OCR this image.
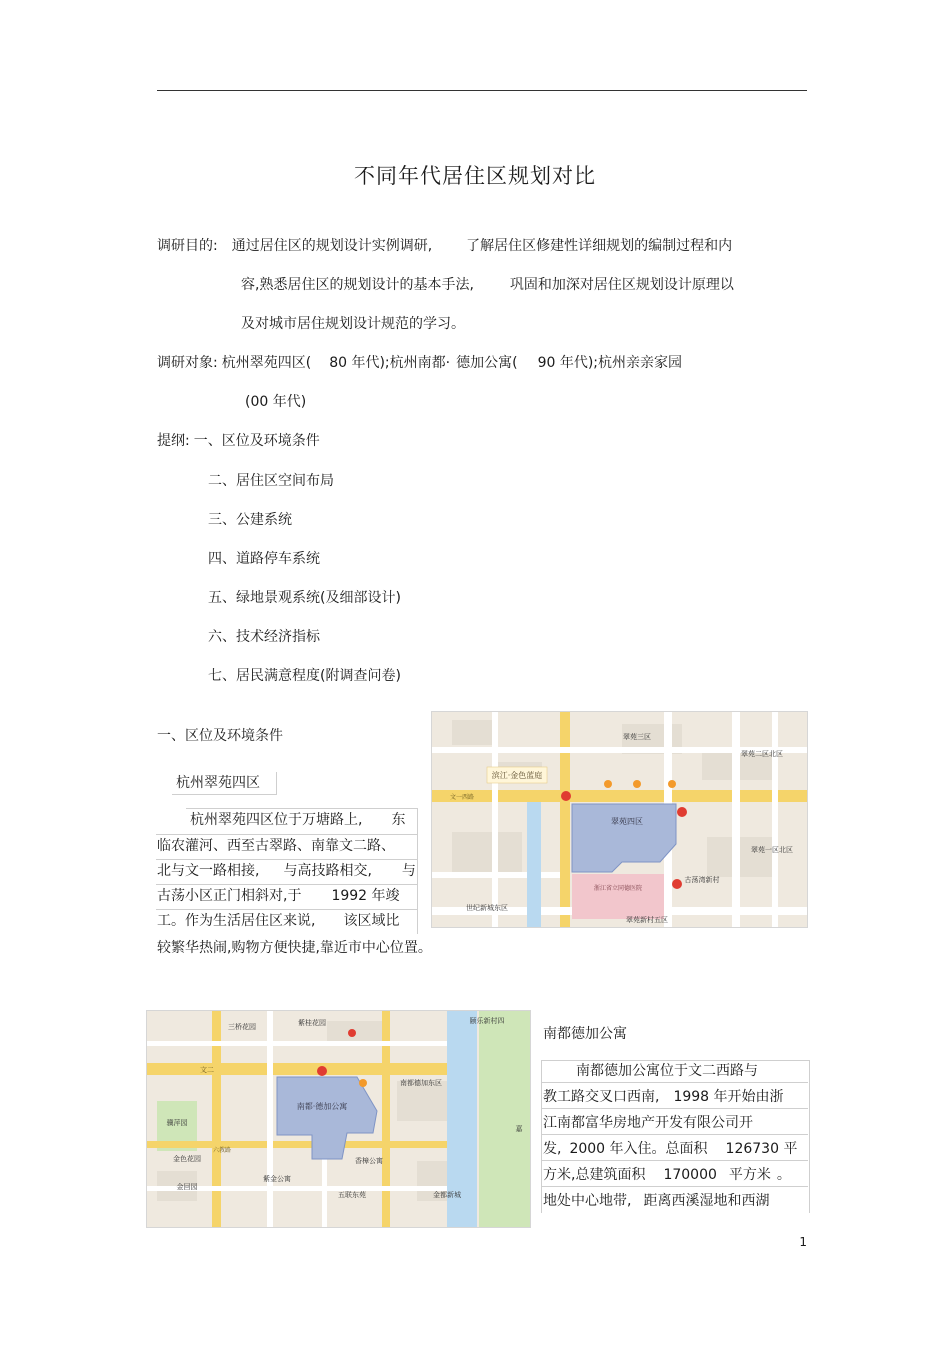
不同年代居住区规划对比
调研目的: 通过居住区的规划设计实例调研, 了解居住区修建性详细规划的编制过程和内
容,熟悉居住区的规划设计的基本手法,	巩固和加深对居住区规划设计原理以
及对城市居住规划设计规范的学习。
调研对象: 杭州翠苑四区( 80 年代);杭州南都· 德加公寓( 90 年代);杭州亲亲家园
(00 年代)
提纲: 一、区位及环境条件
二、居住区空间布局
三、公建系统
四、道路停车系统
五、绿地景观系统(及细部设计)
六、技术经济指标
七、居民满意程度(附调查问卷)
一、区位及环境条件
杭州翠苑四区
杭州翠苑四区位于万塘路上, 东
临农灌河、西至古翠路、南靠文二路、
北与文一路相接, 与高技路相交, 与
古荡小区正门相斜对,于 1992 年竣
工。作为生活居住区来说, 该区域比
较繁华热闹,购物方便快捷,靠近市中心位置。
滨江·金色蓝庭
翠苑四区
翠苑三区
翠苑二区北区
翠苑一区北区
古荡湾新村
翠苑新村五区
世纪新城东区
浙江省立同德医院
文一西路
南都·德加公寓
三桥花园	紫桂花园	颐乐新村四
南都德加东区
文二
六教路
骥萍园
金色花园
金回园
紫金公寓
五联东苑
香樟公寓
金都新城
嘉
南都德加公寓
南都德加公寓位于文二西路与
教工路交叉口西南, 1998 年开始由浙
江南都富华房地产开发有限公司开
发, 2000 年入住。总面积 126730 平
方米,总建筑面积 170000 平方米 。
地处中心地带, 距离西溪湿地和西湖
1
